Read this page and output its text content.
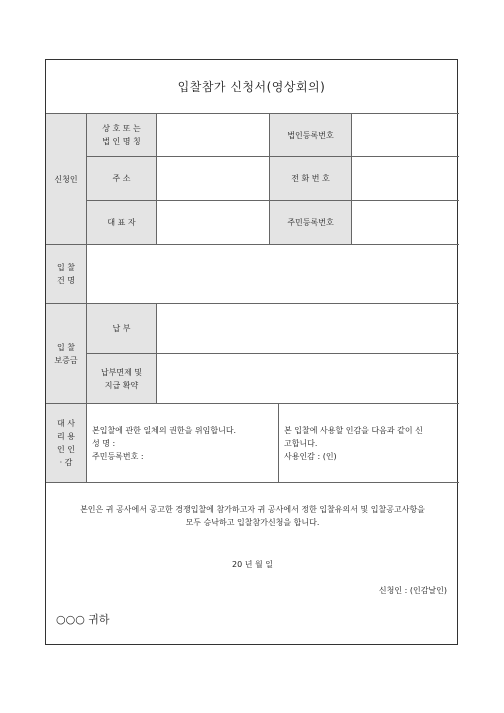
입찰참가 신청서(영상회의)
신청인
상 호 또 는
법 인 명 칭
법인등록번호
주 소	전 화 번 호
대 표 자	주민등록번호
입 찰
건 명
입 찰
보증금
납 부
납부면제 및
지급 확약
대 사
리 용
인 인
· 감
본입찰에 관한 일체의 권한을 위임합니다.
성 명 :
주민등록번호 :
본 입찰에 사용할 인감을 다음과 같이 신
고합니다.
사용인감 : (인)
본인은 귀 공사에서 공고한 경쟁입찰에 참가하고자 귀 공사에서 정한 입찰유의서 및 입찰공고사항을
모두 승낙하고 입찰참가신청을 합니다.
20 년 월 일
신청인 : (인감날인)
○○○ 귀하
